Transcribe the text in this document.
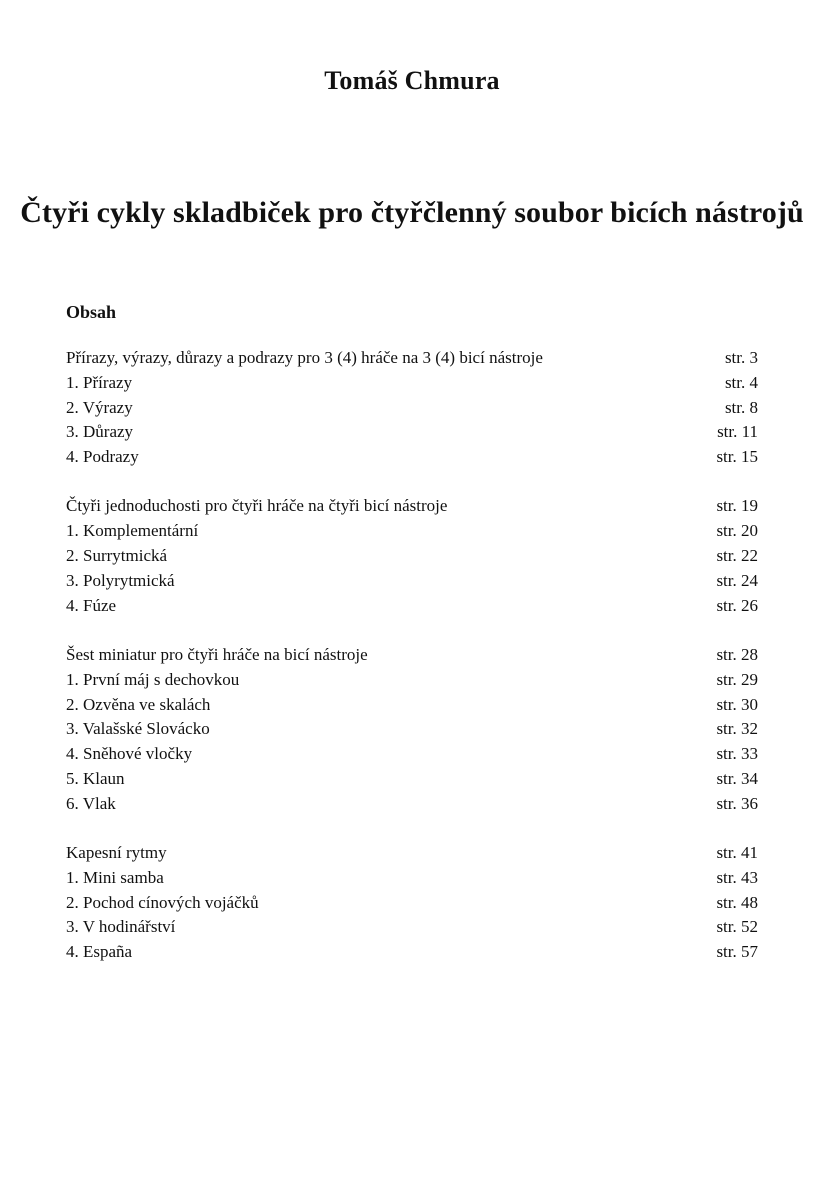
Tomáš Chmura
Čtyři cykly skladbiček pro čtyřčlenný soubor bicích nástrojů
Obsah
Přírazy, výrazy, důrazy a podrazy pro 3 (4) hráče na 3 (4) bicí nástroje	str. 3
1. Přírazy	str. 4
2. Výrazy	str. 8
3. Důrazy	str. 11
4. Podrazy	str. 15
Čtyři jednoduchosti pro čtyři hráče na čtyři bicí nástroje	str. 19
1. Komplementární	str. 20
2. Surrytmická	str. 22
3. Polyrytmická	str. 24
4. Fúze	str. 26
Šest miniatur pro čtyři hráče na bicí nástroje	str. 28
1. První máj s dechovkou	str. 29
2. Ozvěna ve skalách	str. 30
3. Valašské Slovácko	str. 32
4. Sněhové vločky	str. 33
5. Klaun	str. 34
6. Vlak	str. 36
Kapesní rytmy	str. 41
1. Mini samba	str. 43
2. Pochod cínových vojáčků	str. 48
3. V hodinářství	str. 52
4. España	str. 57
